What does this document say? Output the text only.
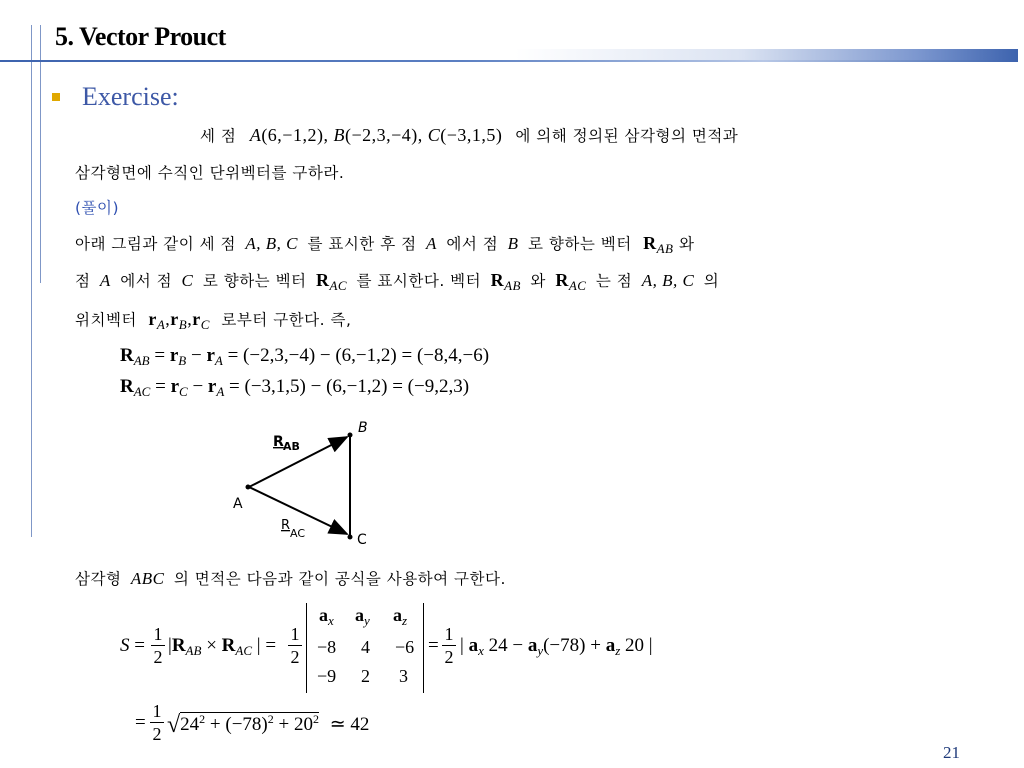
5. Vector Prouct
Exercise:
세 점 A(6,−1,2), B(−2,3,−4), C(−3,1,5) 에 의해 정의된 삼각형의 면적과
삼각형면에 수직인 단위벡터를 구하라.
(풀이)
아래 그림과 같이 세 점 A, B, C 를 표시한 후 점 A 에서 점 B 로 향하는 벡터 $R_{AB}$ 와
점 A 에서 점 C 로 향하는 벡터 $R_{AC}$ 를 표시한다. 벡터 $R_{AB}$ 와 $R_{AC}$ 는 점 A, B, C 의
위치벡터 $r_A,r_B,r_C$ 로부터 구한다. 즉,
$R_{AB} = r_B - r_A = (-2,3,-4) - (6,-1,2) = (-8,4,-6)$
$R_{AC} = r_C - r_A = (-3,1,5) - (6,-1,2) = (-9,2,3)$
A
B
C
R AB
R
AC
삼각형 ABC 의 면적은 다음과 같이 공식을 사용하여 구한다.
S =
1
2
$|R_{AB} \times R_{AC}$ | =
1
2
$a_x$ $a_y$ $a_z$
−8 4 −6
−9 2 3
=
1
2
| $a_x$ $24 - a_y(-78) + a_z$ 20 |
=
1
2 $√24^2 + (-78)^2 + 20^2$ ≃ 42
21
